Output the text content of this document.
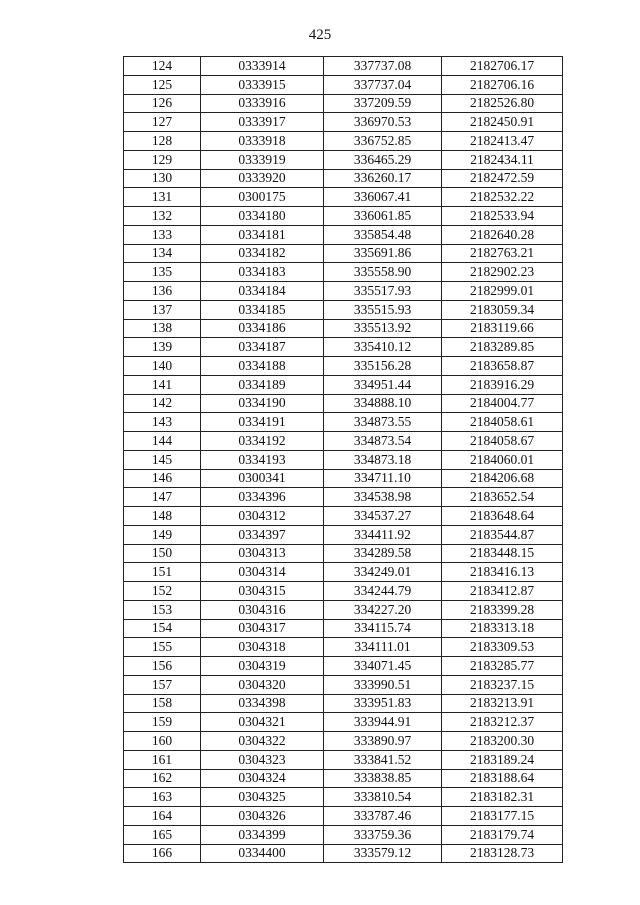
425
124	0333914	337737.08	2182706.17
125	0333915	337737.04	2182706.16
126	0333916	337209.59	2182526.80
127	0333917	336970.53	2182450.91
128	0333918	336752.85	2182413.47
129	0333919	336465.29	2182434.11
130	0333920	336260.17	2182472.59
131	0300175	336067.41	2182532.22
132	0334180	336061.85	2182533.94
133	0334181	335854.48	2182640.28
134	0334182	335691.86	2182763.21
135	0334183	335558.90	2182902.23
136	0334184	335517.93	2182999.01
137	0334185	335515.93	2183059.34
138	0334186	335513.92	2183119.66
139	0334187	335410.12	2183289.85
140	0334188	335156.28	2183658.87
141	0334189	334951.44	2183916.29
142	0334190	334888.10	2184004.77
143	0334191	334873.55	2184058.61
144	0334192	334873.54	2184058.67
145	0334193	334873.18	2184060.01
146	0300341	334711.10	2184206.68
147	0334396	334538.98	2183652.54
148	0304312	334537.27	2183648.64
149	0334397	334411.92	2183544.87
150	0304313	334289.58	2183448.15
151	0304314	334249.01	2183416.13
152	0304315	334244.79	2183412.87
153	0304316	334227.20	2183399.28
154	0304317	334115.74	2183313.18
155	0304318	334111.01	2183309.53
156	0304319	334071.45	2183285.77
157	0304320	333990.51	2183237.15
158	0334398	333951.83	2183213.91
159	0304321	333944.91	2183212.37
160	0304322	333890.97	2183200.30
161	0304323	333841.52	2183189.24
162	0304324	333838.85	2183188.64
163	0304325	333810.54	2183182.31
164	0304326	333787.46	2183177.15
165	0334399	333759.36	2183179.74
166	0334400	333579.12	2183128.73
